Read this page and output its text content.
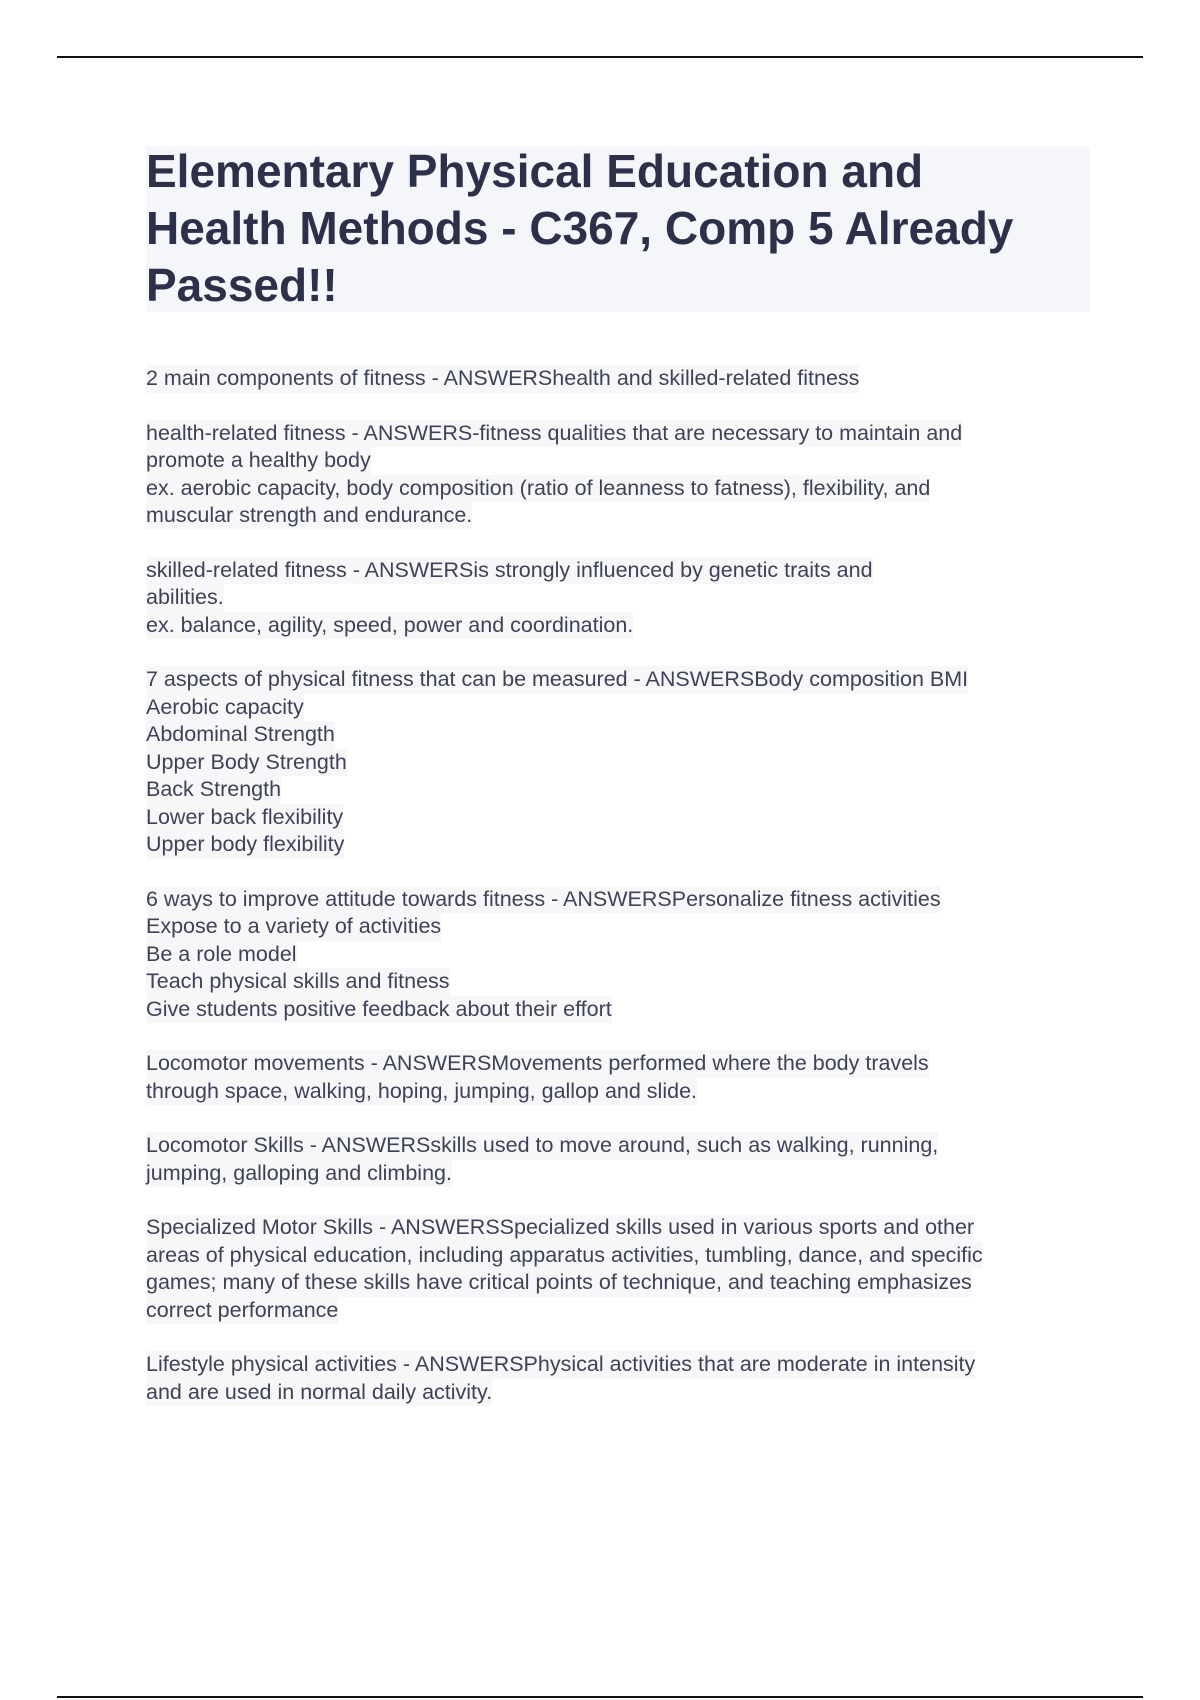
Elementary Physical Education and
Health Methods - C367, Comp 5 Already
Passed!!
2 main components of fitness - ANSWERShealth and skilled-related fitness
health-related fitness - ANSWERS-fitness qualities that are necessary to maintain and
promote a healthy body
ex. aerobic capacity, body composition (ratio of leanness to fatness), flexibility, and
muscular strength and endurance.
skilled-related fitness - ANSWERSis strongly influenced by genetic traits and
abilities.
ex. balance, agility, speed, power and coordination.
7 aspects of physical fitness that can be measured - ANSWERSBody composition BMI
Aerobic capacity
Abdominal Strength
Upper Body Strength
Back Strength
Lower back flexibility
Upper body flexibility
6 ways to improve attitude towards fitness - ANSWERSPersonalize fitness activities
Expose to a variety of activities
Be a role model
Teach physical skills and fitness
Give students positive feedback about their effort
Locomotor movements - ANSWERSMovements performed where the body travels
through space, walking, hoping, jumping, gallop and slide.
Locomotor Skills - ANSWERSskills used to move around, such as walking, running,
jumping, galloping and climbing.
Specialized Motor Skills - ANSWERSSpecialized skills used in various sports and other
areas of physical education, including apparatus activities, tumbling, dance, and specific
games; many of these skills have critical points of technique, and teaching emphasizes
correct performance
Lifestyle physical activities - ANSWERSPhysical activities that are moderate in intensity
and are used in normal daily activity.
